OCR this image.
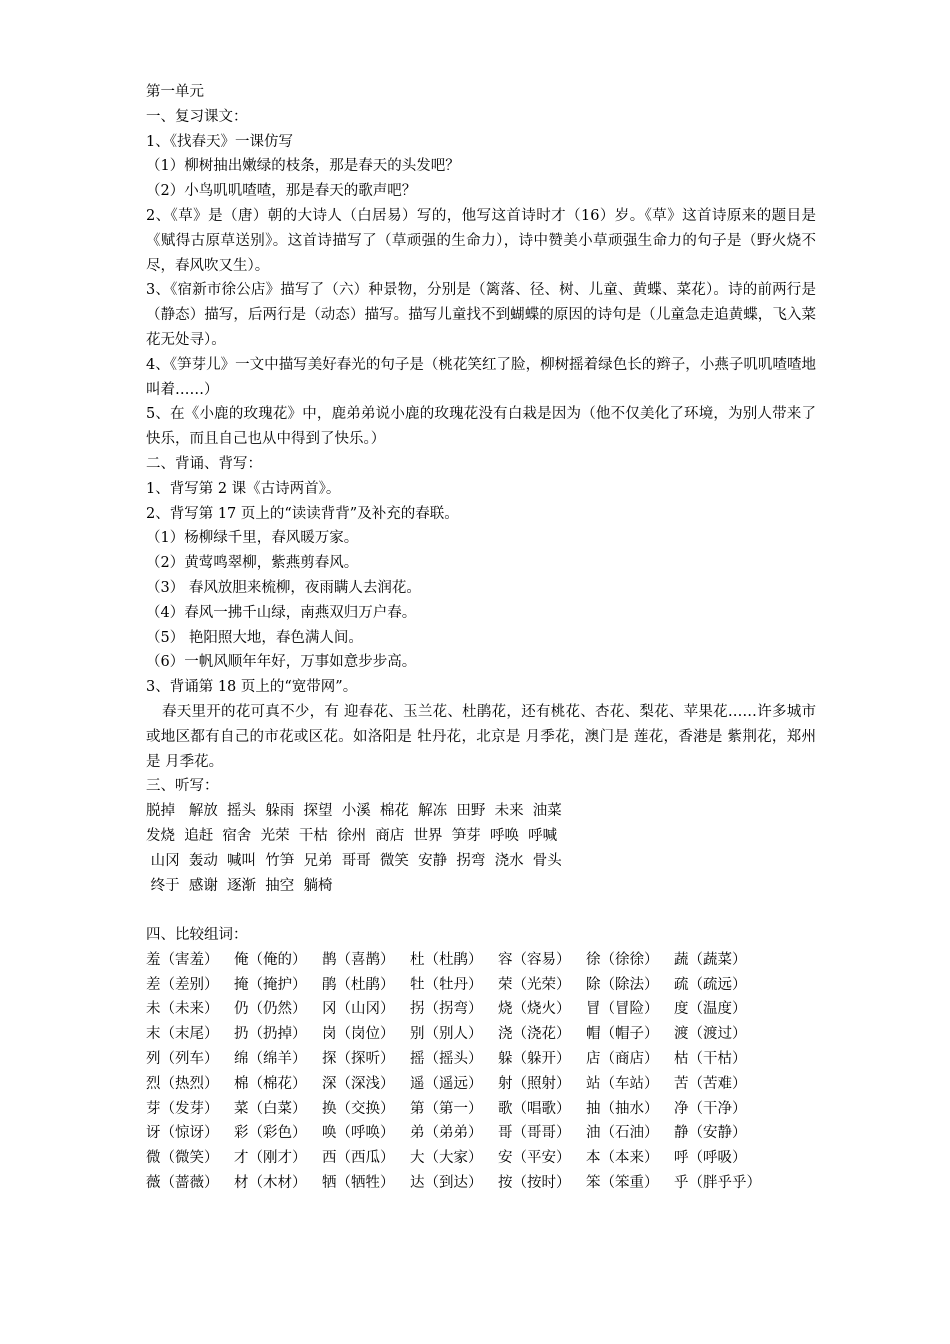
第一单元
一、复习课文：
1、《找春天》一课仿写
（1）柳树抽出嫩绿的枝条，那是春天的头发吧？
（2）小鸟叽叽喳喳，那是春天的歌声吧？
2、《草》是（唐）朝的大诗人（白居易）写的，他写这首诗时才（16）岁。《草》这首诗原来的题目是《赋得古原草送别》。这首诗描写了（草顽强的生命力），诗中赞美小草顽强生命力的句子是（野火烧不尽，春风吹又生）。
3、《宿新市徐公店》描写了（六）种景物，分别是（篱落、径、树、儿童、黄蝶、菜花）。诗的前两行是（静态）描写，后两行是（动态）描写。描写儿童找不到蝴蝶的原因的诗句是（儿童急走追黄蝶，飞入菜花无处寻）。
4、《笋芽儿》一文中描写美好春光的句子是（桃花笑红了脸，柳树摇着绿色长的辫子，小燕子叽叽喳喳地叫着……）
5、在《小鹿的玫瑰花》中，鹿弟弟说小鹿的玫瑰花没有白栽是因为（他不仅美化了环境，为别人带来了快乐，而且自己也从中得到了快乐。）
二、背诵、背写：
1、背写第 2 课《古诗两首》。
2、背写第 17 页上的“读读背背”及补充的春联。
（1）杨柳绿千里，春风暖万家。
（2）黄莺鸣翠柳，紫燕剪春风。
（3） 春风放胆来梳柳，夜雨瞒人去润花。
（4）春风一拂千山绿，南燕双归万户春。
（5） 艳阳照大地，春色满人间。
（6）一帆风顺年年好，万事如意步步高。
3、背诵第 18 页上的“宽带网”。
春天里开的花可真不少，有 迎春花、玉兰花、杜鹃花，还有桃花、杏花、梨花、苹果花……许多城市或地区都有自己的市花或区花。如洛阳是 牡丹花，北京是 月季花，澳门是 莲花，香港是 紫荆花，郑州是 月季花。
三、听写：
脱掉   解放  摇头  躲雨  探望  小溪  棉花  解冻  田野  未来  油菜
发烧  追赶  宿舍  光荣  干枯  徐州  商店  世界  笋芽  呼唤  呼喊
山冈  轰动  喊叫  竹笋  兄弟  哥哥  微笑  安静  拐弯  浇水  骨头
终于  感谢  逐渐  抽空  躺椅
四、比较组词：
羞（害羞）	俺（俺的）	鹊（喜鹊）	杜（杜鹃）	容（容易）	徐（徐徐）	蔬（蔬菜）
差（差别）	掩（掩护）	鹃（杜鹃）	牡（牡丹）	荣（光荣）	除（除法）	疏（疏远）
未（未来）	仍（仍然）	冈（山冈）	拐（拐弯）	烧（烧火）	冒（冒险）	度（温度）
末（末尾）	扔（扔掉）	岗（岗位）	别（别人）	浇（浇花）	帽（帽子）	渡（渡过）
列（列车）	绵（绵羊）	探（探听）	摇（摇头）	躲（躲开）	店（商店）	枯（干枯）
烈（热烈）	棉（棉花）	深（深浅）	遥（遥远）	射（照射）	站（车站）	苦（苦难）
芽（发芽）	菜（白菜）	换（交换）	第（第一）	歌（唱歌）	抽（抽水）	净（干净）
讶（惊讶）	彩（彩色）	唤（呼唤）	弟（弟弟）	哥（哥哥）	油（石油）	静（安静）
微（微笑）	才（刚才）	西（西瓜）	大（大家）	安（平安）	本（本来）	呼（呼吸）
薇（蔷薇）	材（木材）	牺（牺牲）	达（到达）	按（按时）	笨（笨重）	乎（胖乎乎）
